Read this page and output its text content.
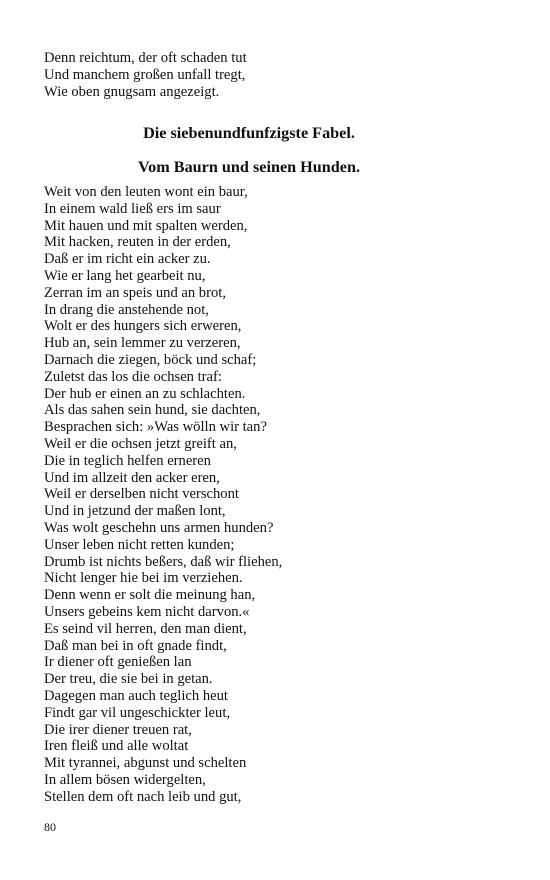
Denn reichtum, der oft schaden tut
Und manchem großen unfall tregt,
Wie oben gnugsam angezeigt.
Die siebenundfunfzigste Fabel.
Vom Baurn und seinen Hunden.
Weit von den leuten wont ein baur,
In einem wald ließ ers im saur
Mit hauen und mit spalten werden,
Mit hacken, reuten in der erden,
Daß er im richt ein acker zu.
Wie er lang het gearbeit nu,
Zerran im an speis und an brot,
In drang die anstehende not,
Wolt er des hungers sich erweren,
Hub an, sein lemmer zu verzeren,
Darnach die ziegen, böck und schaf;
Zuletst das los die ochsen traf:
Der hub er einen an zu schlachten.
Als das sahen sein hund, sie dachten,
Besprachen sich: »Was wölln wir tan?
Weil er die ochsen jetzt greift an,
Die in teglich helfen erneren
Und im allzeit den acker eren,
Weil er derselben nicht verschont
Und in jetzund der maßen lont,
Was wolt geschehn uns armen hunden?
Unser leben nicht retten kunden;
Drumb ist nichts beßers, daß wir fliehen,
Nicht lenger hie bei im verziehen.
Denn wenn er solt die meinung han,
Unsers gebeins kem nicht darvon.«
Es seind vil herren, den man dient,
Daß man bei in oft gnade findt,
Ir diener oft genießen lan
Der treu, die sie bei in getan.
Dagegen man auch teglich heut
Findt gar vil ungeschickter leut,
Die irer diener treuen rat,
Iren fleiß und alle woltat
Mit tyrannei, abgunst und schelten
In allem bösen widergelten,
Stellen dem oft nach leib und gut,
80
